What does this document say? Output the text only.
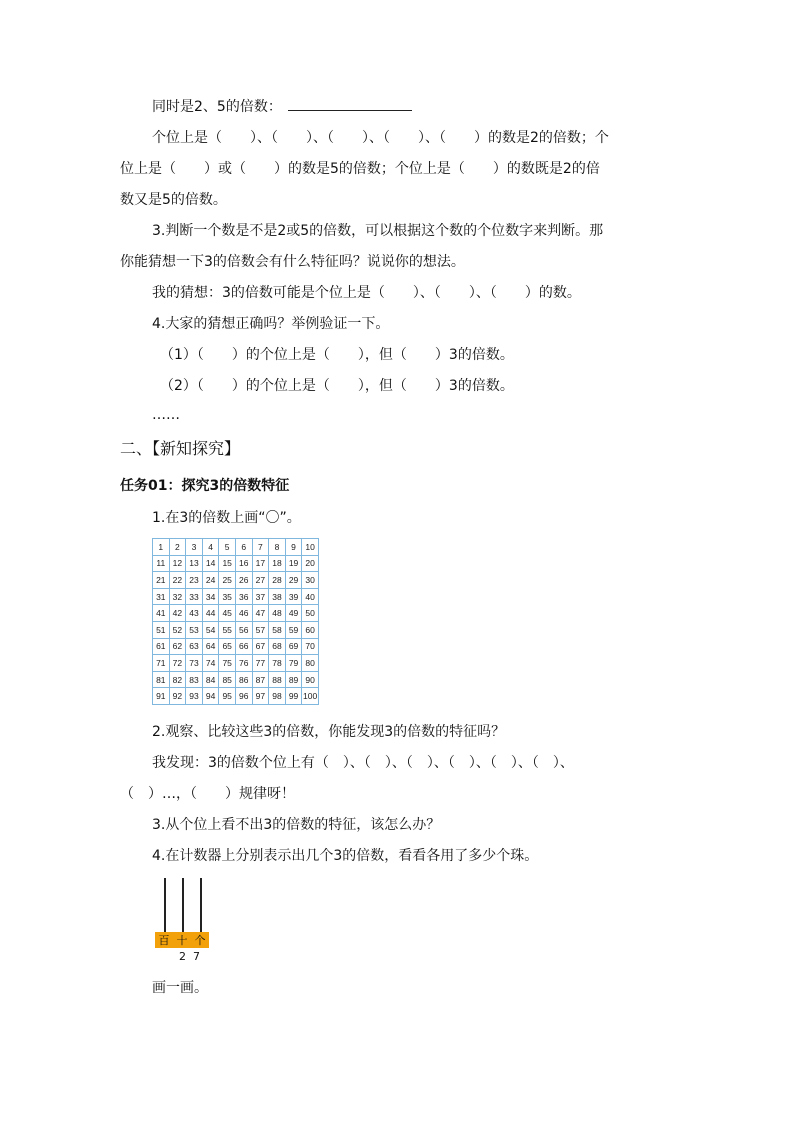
同时是2、5的倍数：
个位上是（　　）、（　　）、（　　）、（　　）、（　　）的数是2的倍数；个
位上是（　　）或（　　）的数是5的倍数；个位上是（　　）的数既是2的倍
数又是5的倍数。
3.判断一个数是不是2或5的倍数，可以根据这个数的个位数字来判断。那
你能猜想一下3的倍数会有什么特征吗？说说你的想法。
我的猜想：3的倍数可能是个位上是（　　）、（　　）、（　　）的数。
4.大家的猜想正确吗？举例验证一下。
（1）（　　）的个位上是（　　），但（　　）3的倍数。
（2）（　　）的个位上是（　　），但（　　）3的倍数。
……
二、【新知探究】
任务01：探究3的倍数特征
1.在3的倍数上画“〇”。
1	2	3	4	5	6	7	8	9	10
11	12	13	14	15	16	17	18	19	20
21	22	23	24	25	26	27	28	29	30
31	32	33	34	35	36	37	38	39	40
41	42	43	44	45	46	47	48	49	50
51	52	53	54	55	56	57	58	59	60
61	62	63	64	65	66	67	68	69	70
71	72	73	74	75	76	77	78	79	80
81	82	83	84	85	86	87	88	89	90
91	92	93	94	95	96	97	98	99	100
2.观察、比较这些3的倍数，你能发现3的倍数的特征吗？
我发现：3的倍数个位上有（　）、（　）、（　）、（　）、（　）、（　）、
（　）…，（　　）规律呀！
3.从个位上看不出3的倍数的特征，该怎么办？
4.在计数器上分别表示出几个3的倍数，看看各用了多少个珠。
百 十 个
27
画一画。
